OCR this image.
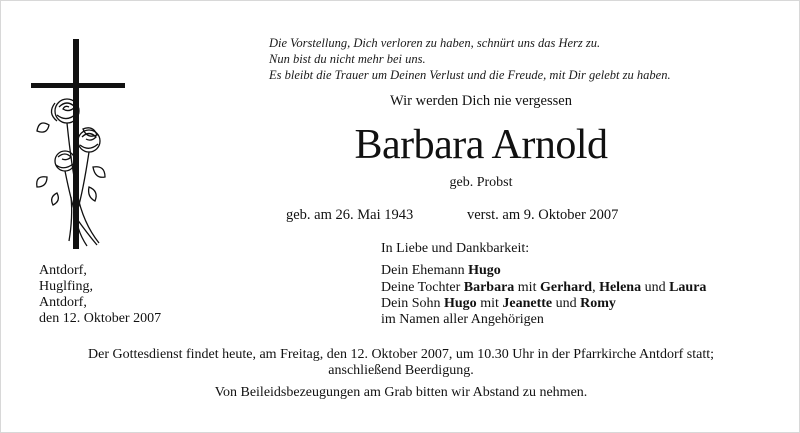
Die Vorstellung, Dich verloren zu haben, schnürt uns das Herz zu.
Nun bist du nicht mehr bei uns.
Es bleibt die Trauer um Deinen Verlust und die Freude, mit Dir gelebt zu haben.
Wir werden Dich nie vergessen
Barbara Arnold
geb. Probst
geb. am 26. Mai 1943	verst. am 9. Oktober 2007
Antdorf,
Huglfing,
Antdorf,
den 12. Oktober 2007
In Liebe und Dankbarkeit:
Dein Ehemann Hugo
Deine Tochter Barbara mit Gerhard, Helena und Laura
Dein Sohn Hugo mit Jeanette und Romy
im Namen aller Angehörigen
Der Gottesdienst findet heute, am Freitag, den 12. Oktober 2007, um 10.30 Uhr in der Pfarrkirche Antdorf statt;
anschließend Beerdigung.
Von Beileidsbezeugungen am Grab bitten wir Abstand zu nehmen.
